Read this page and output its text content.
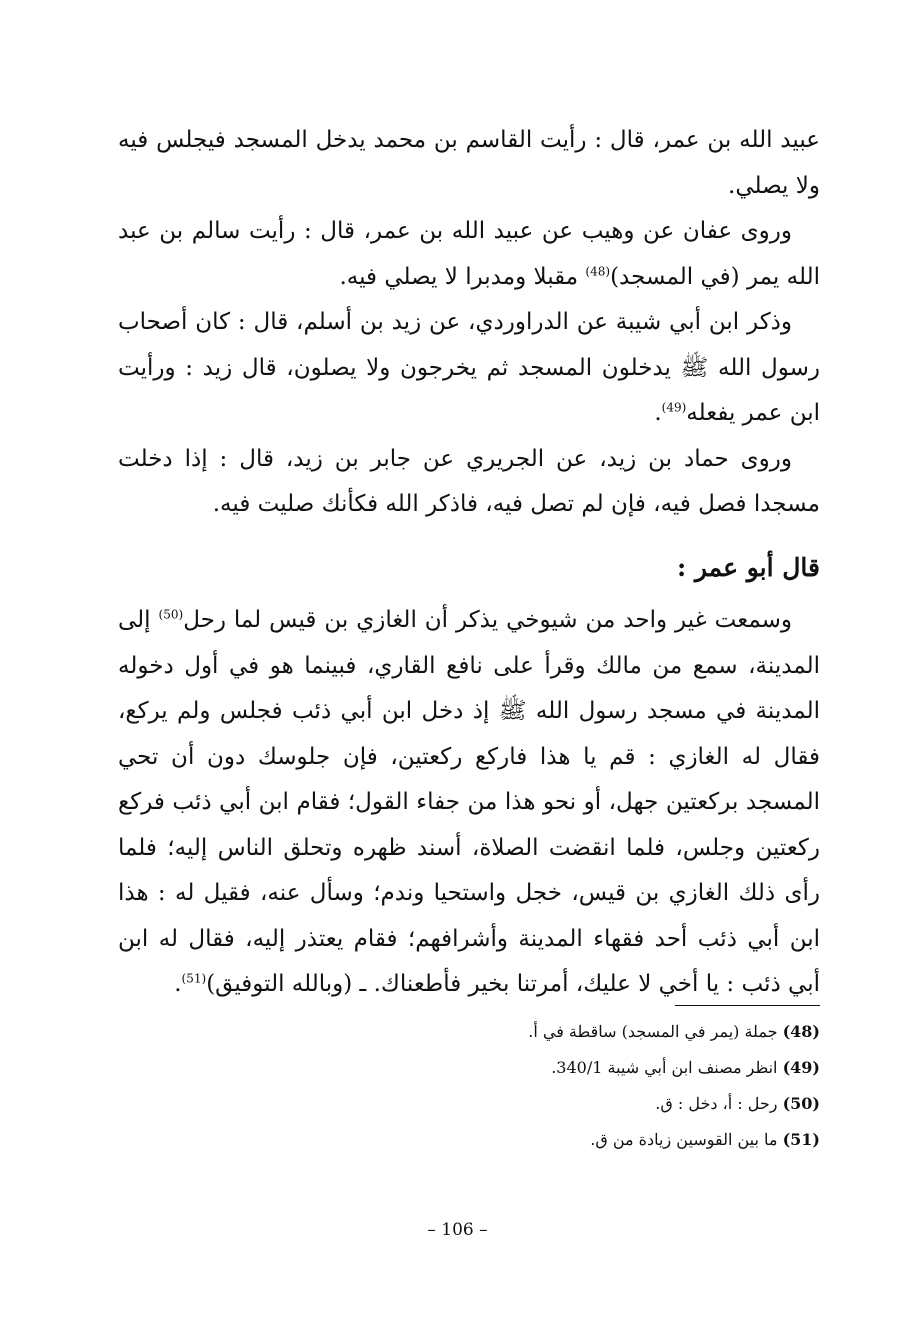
عبيد الله بن عمر، قال : رأيت القاسم بن محمد يدخل المسجد فيجلس فيه ولا يصلي.

وروى عفان عن وهيب عن عبيد الله بن عمر، قال : رأيت سالم بن عبد الله يمر (في المسجد)$^{(48)}$ مقبلا ومدبرا لا يصلي فيه.

وذكر ابن أبي شيبة عن الدراوردي، عن زيد بن أسلم، قال : كان أصحاب رسول الله ﷺ يدخلون المسجد ثم يخرجون ولا يصلون، قال زيد : ورأيت ابن عمر يفعله$^{(49)}$.

وروى حماد بن زيد، عن الجريري عن جابر بن زيد، قال : إذا دخلت مسجدا فصل فيه، فإن لم تصل فيه، فاذكر الله فكأنك صليت فيه.

قال أبو عمر :

وسمعت غير واحد من شيوخي يذكر أن الغازي بن قيس لما رحل$^{(50)}$ إلى المدينة، سمع من مالك وقرأ على نافع القاري، فبينما هو في أول دخوله المدينة في مسجد رسول الله ﷺ إذ دخل ابن أبي ذئب فجلس ولم يركع، فقال له الغازي : قم يا هذا فاركع ركعتين، فإن جلوسك دون أن تحي المسجد بركعتين جهل، أو نحو هذا من جفاء القول؛ فقام ابن أبي ذئب فركع ركعتين وجلس، فلما انقضت الصلاة، أسند ظهره وتحلق الناس إليه؛ فلما رأى ذلك الغازي بن قيس، خجل واستحيا وندم؛ وسأل عنه، فقيل له : هذا ابن أبي ذئب أحد فقهاء المدينة وأشرافهم؛ فقام يعتذر إليه، فقال له ابن أبي ذئب : يا أخي لا عليك، أمرتنا بخير فأطعناك. ـ (وبالله التوفيق)$^{(51)}$.

(48) جملة (يمر في المسجد) ساقطة في أ.

(49) انظر مصنف ابن أبي شيبة 340/1.

(50) رحل : أ، دخل : ق.

(51) ما بين القوسين زيادة من ق.

– 106 –
